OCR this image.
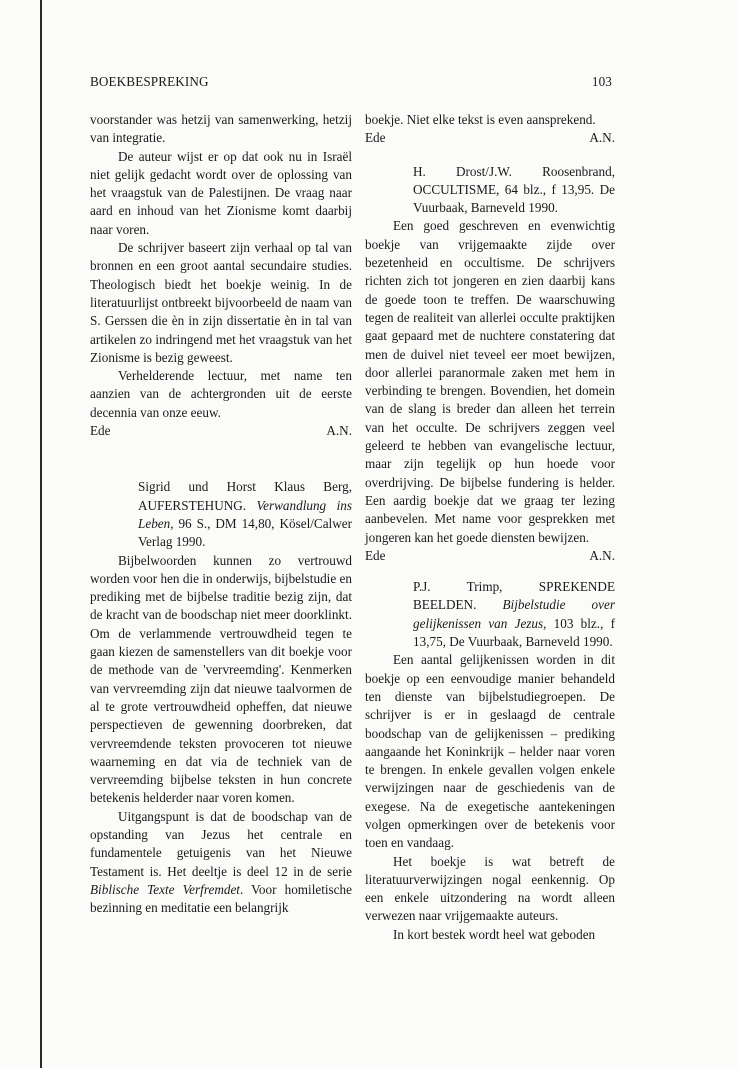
BOEKBESPREKING	103

voorstander was hetzij van samenwerking, hetzij van integratie.

De auteur wijst er op dat ook nu in Israël niet gelijk gedacht wordt over de oplossing van het vraagstuk van de Palestijnen. De vraag naar aard en inhoud van het Zionisme komt daarbij naar voren.

De schrijver baseert zijn verhaal op tal van bronnen en een groot aantal secundaire studies. Theologisch biedt het boekje weinig. In de literatuurlijst ontbreekt bijvoorbeeld de naam van S. Gerssen die èn in zijn dissertatie èn in tal van artikelen zo indringend met het vraagstuk van het Zionisme is bezig geweest.

Verhelderende lectuur, met name ten aanzien van de achtergronden uit de eerste decennia van onze eeuw.

Ede	A.N.

Sigrid und Horst Klaus Berg, AUFERSTEHUNG. Verwandlung ins Leben, 96 S., DM 14,80, Kösel/Calwer Verlag 1990.

Bijbelwoorden kunnen zo vertrouwd worden voor hen die in onderwijs, bijbelstudie en prediking met de bijbelse traditie bezig zijn, dat de kracht van de boodschap niet meer doorklinkt. Om de verlammende vertrouwdheid tegen te gaan kiezen de samenstellers van dit boekje voor de methode van de 'vervreemding'. Kenmerken van vervreemding zijn dat nieuwe taalvormen de al te grote vertrouwdheid opheffen, dat nieuwe perspectieven de gewenning doorbreken, dat vervreemdende teksten provoceren tot nieuwe waarneming en dat via de techniek van de vervreemding bijbelse teksten in hun concrete betekenis helderder naar voren komen.

Uitgangspunt is dat de boodschap van de opstanding van Jezus het centrale en fundamentele getuigenis van het Nieuwe Testament is. Het deeltje is deel 12 in de serie Biblische Texte Verfremdet. Voor homiletische bezinning en meditatie een belangrijk

boekje. Niet elke tekst is even aansprekend.

Ede	A.N.

H. Drost/J.W. Roosenbrand, OCCULTISME, 64 blz., f 13,95. De Vuurbaak, Barneveld 1990.

Een goed geschreven en evenwichtig boekje van vrijgemaakte zijde over bezetenheid en occultisme. De schrijvers richten zich tot jongeren en zien daarbij kans de goede toon te treffen. De waarschuwing tegen de realiteit van allerlei occulte praktijken gaat gepaard met de nuchtere constatering dat men de duivel niet teveel eer moet bewijzen, door allerlei paranormale zaken met hem in verbinding te brengen. Bovendien, het domein van de slang is breder dan alleen het terrein van het occulte. De schrijvers zeggen veel geleerd te hebben van evangelische lectuur, maar zijn tegelijk op hun hoede voor overdrijving. De bijbelse fundering is helder. Een aardig boekje dat we graag ter lezing aanbevelen. Met name voor gesprekken met jongeren kan het goede diensten bewijzen.

Ede	A.N.

P.J. Trimp, SPREKENDE BEELDEN. Bijbelstudie over gelijkenissen van Jezus, 103 blz., f 13,75, De Vuurbaak, Barneveld 1990.

Een aantal gelijkenissen worden in dit boekje op een eenvoudige manier behandeld ten dienste van bijbelstudiegroepen. De schrijver is er in geslaagd de centrale boodschap van de gelijkenissen – prediking aangaande het Koninkrijk – helder naar voren te brengen. In enkele gevallen volgen enkele verwijzingen naar de geschiedenis van de exegese. Na de exegetische aantekeningen volgen opmerkingen over de betekenis voor toen en vandaag.

Het boekje is wat betreft de literatuurverwijzingen nogal eenkennig. Op een enkele uitzondering na wordt alleen verwezen naar vrijgemaakte auteurs.

In kort bestek wordt heel wat geboden
